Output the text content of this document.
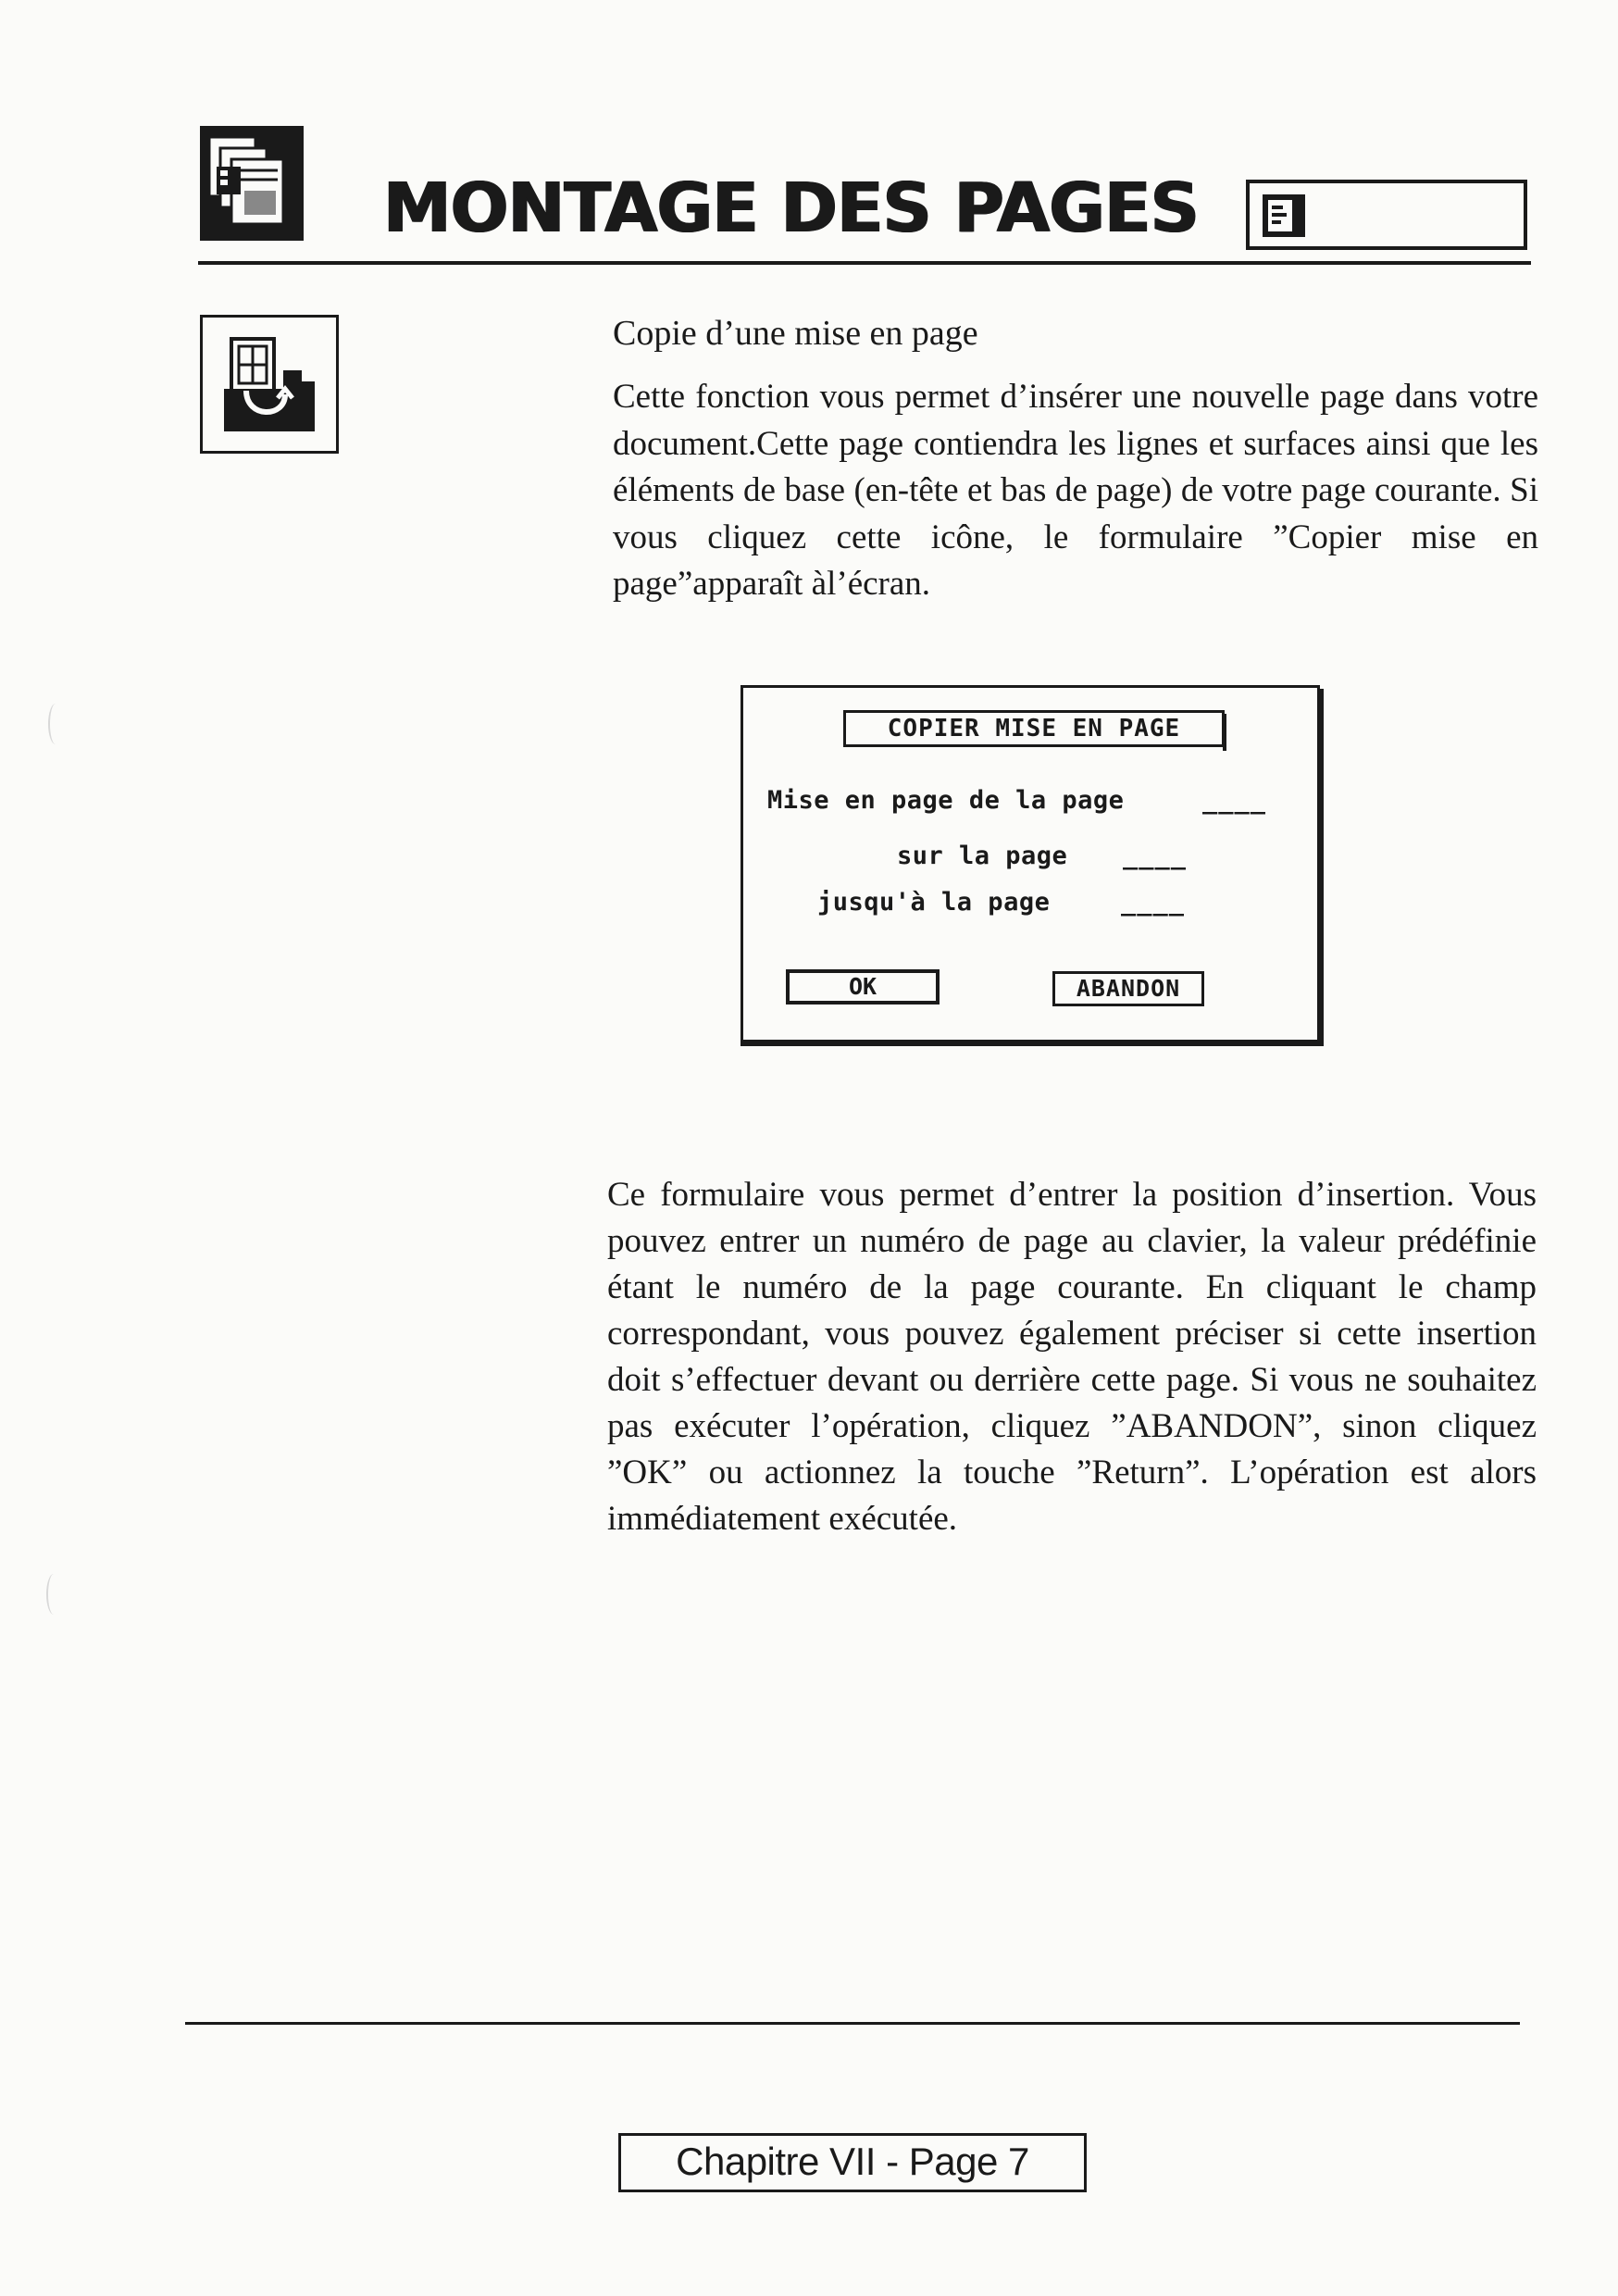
MONTAGE DES PAGES

Copie d’une mise en page

Cette fonction vous permet d’insérer une nouvelle page dans votre document.Cette page contiendra les lignes et surfaces ainsi que les éléments de base (en-tête et bas de page) de votre page courante. Si vous cliquez cette icône, le formulaire ”Copier mise en page”apparaît àl’écran.

COPIER MISE EN PAGE
Mise en page de la page	____
sur la page ____
jusqu'à la page	____
OK	ABANDON

Ce formulaire vous permet d’entrer la position d’insertion. Vous pouvez entrer un numéro de page au clavier, la valeur prédéfinie étant le numéro de la page courante. En cliquant le champ correspondant, vous pouvez également préciser si cette insertion doit s’effectuer devant ou derrière cette page. Si vous ne souhaitez pas exécuter l’opération, cliquez ”ABANDON”, sinon cliquez ”OK” ou actionnez la touche ”Return”. L’opération est alors immédiatement exécutée.

Chapitre VII - Page 7
